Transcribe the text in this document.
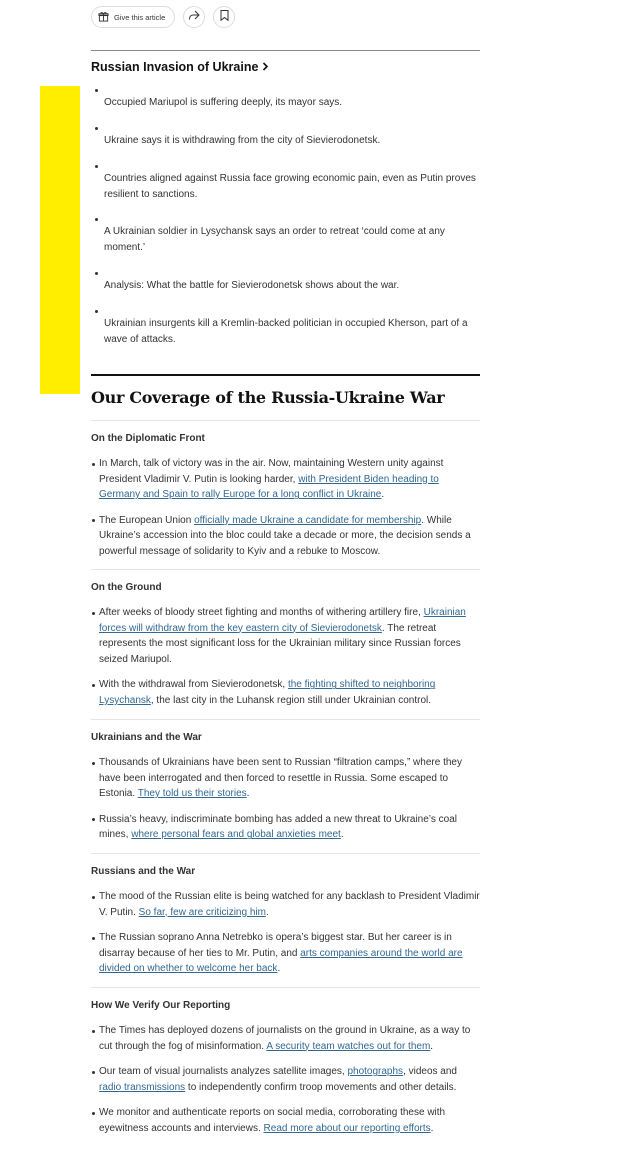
Give this article
Russian Invasion of Ukraine
Occupied Mariupol is suffering deeply, its mayor says.
Ukraine says it is withdrawing from the city of Sievierodonetsk.
Countries aligned against Russia face growing economic pain, even as Putin proves resilient to sanctions.
A Ukrainian soldier in Lysychansk says an order to retreat ‘could come at any moment.’
Analysis: What the battle for Sievierodonetsk shows about the war.
Ukrainian insurgents kill a Kremlin-backed politician in occupied Kherson, part of a wave of attacks.
Our Coverage of the Russia-Ukraine War
On the Diplomatic Front
In March, talk of victory was in the air. Now, maintaining Western unity against President Vladimir V. Putin is looking harder, with President Biden heading to Germany and Spain to rally Europe for a long conflict in Ukraine.
The European Union officially made Ukraine a candidate for membership. While Ukraine’s accession into the bloc could take a decade or more, the decision sends a powerful message of solidarity to Kyiv and a rebuke to Moscow.
On the Ground
After weeks of bloody street fighting and months of withering artillery fire, Ukrainian forces will withdraw from the key eastern city of Sievierodonetsk. The retreat represents the most significant loss for the Ukrainian military since Russian forces seized Mariupol.
With the withdrawal from Sievierodonetsk, the fighting shifted to neighboring Lysychansk, the last city in the Luhansk region still under Ukrainian control.
Ukrainians and the War
Thousands of Ukrainians have been sent to Russian “filtration camps,” where they have been interrogated and then forced to resettle in Russia. Some escaped to Estonia. They told us their stories.
Russia’s heavy, indiscriminate bombing has added a new threat to Ukraine’s coal mines, where personal fears and global anxieties meet.
Russians and the War
The mood of the Russian elite is being watched for any backlash to President Vladimir V. Putin. So far, few are criticizing him.
The Russian soprano Anna Netrebko is opera’s biggest star. But her career is in disarray because of her ties to Mr. Putin, and arts companies around the world are divided on whether to welcome her back.
How We Verify Our Reporting
The Times has deployed dozens of journalists on the ground in Ukraine, as a way to cut through the fog of misinformation. A security team watches out for them.
Our team of visual journalists analyzes satellite images, photographs, videos and radio transmissions to independently confirm troop movements and other details.
We monitor and authenticate reports on social media, corroborating these with eyewitness accounts and interviews. Read more about our reporting efforts.
